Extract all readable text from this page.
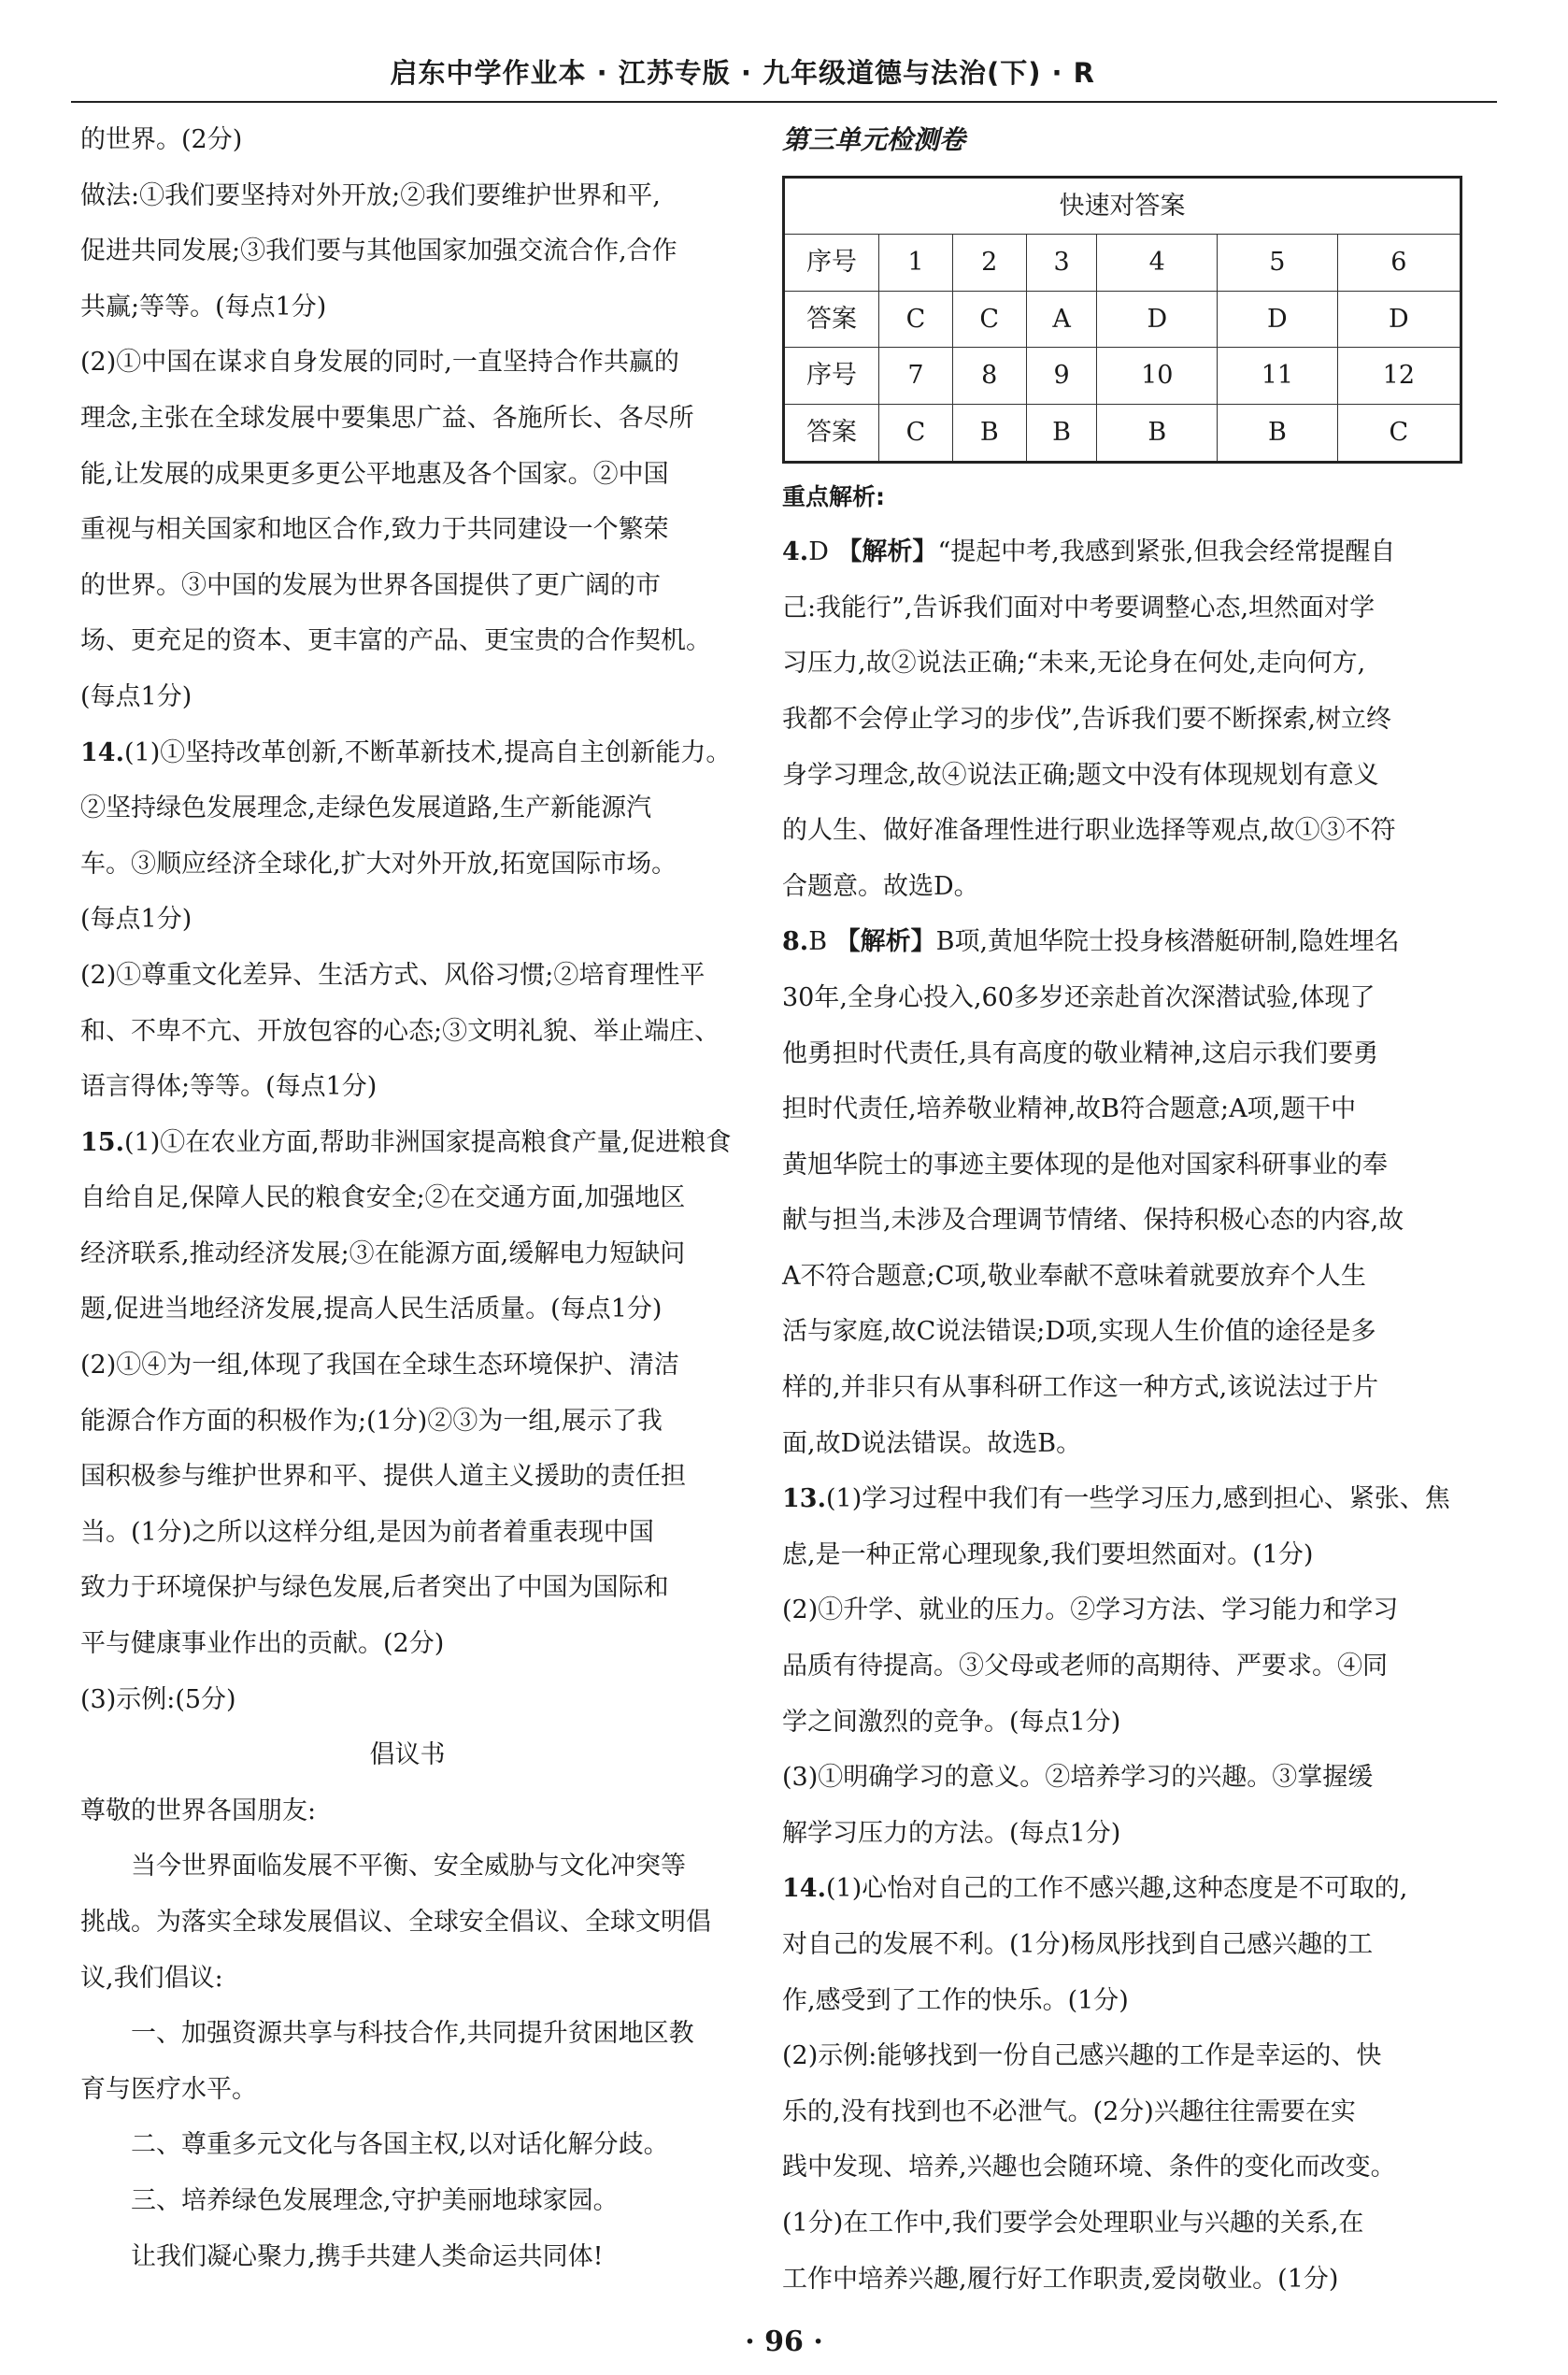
启东中学作业本 · 江苏专版 · 九年级道德与法治(下) · R

的世界。(2分)

做法:①我们要坚持对外开放;②我们要维护世界和平,

促进共同发展;③我们要与其他国家加强交流合作,合作

共赢;等等。(每点1分)

(2)①中国在谋求自身发展的同时,一直坚持合作共赢的

理念,主张在全球发展中要集思广益、各施所长、各尽所

能,让发展的成果更多更公平地惠及各个国家。②中国

重视与相关国家和地区合作,致力于共同建设一个繁荣

的世界。③中国的发展为世界各国提供了更广阔的市

场、更充足的资本、更丰富的产品、更宝贵的合作契机。

(每点1分)

14.(1)①坚持改革创新,不断革新技术,提高自主创新能力。

②坚持绿色发展理念,走绿色发展道路,生产新能源汽

车。③顺应经济全球化,扩大对外开放,拓宽国际市场。

(每点1分)

(2)①尊重文化差异、生活方式、风俗习惯;②培育理性平

和、不卑不亢、开放包容的心态;③文明礼貌、举止端庄、

语言得体;等等。(每点1分)

15.(1)①在农业方面,帮助非洲国家提高粮食产量,促进粮食

自给自足,保障人民的粮食安全;②在交通方面,加强地区

经济联系,推动经济发展;③在能源方面,缓解电力短缺问

题,促进当地经济发展,提高人民生活质量。(每点1分)

(2)①④为一组,体现了我国在全球生态环境保护、清洁

能源合作方面的积极作为;(1分)②③为一组,展示了我

国积极参与维护世界和平、提供人道主义援助的责任担

当。(1分)之所以这样分组,是因为前者着重表现中国

致力于环境保护与绿色发展,后者突出了中国为国际和

平与健康事业作出的贡献。(2分)

(3)示例:(5分)

倡议书

尊敬的世界各国朋友:

当今世界面临发展不平衡、安全威胁与文化冲突等

挑战。为落实全球发展倡议、全球安全倡议、全球文明倡

议,我们倡议:

一、加强资源共享与科技合作,共同提升贫困地区教

育与医疗水平。

二、尊重多元文化与各国主权,以对话化解分歧。

三、培养绿色发展理念,守护美丽地球家园。

让我们凝心聚力,携手共建人类命运共同体!

第三单元检测卷

快速对答案						
序号	1	2	3	4	5	6
答案	C	C	A	D	D	D
序号	7	8	9	10	11	12
答案	C	B	B	B	B	C

重点解析:

4.D 【解析】“提起中考,我感到紧张,但我会经常提醒自

己:我能行”,告诉我们面对中考要调整心态,坦然面对学

习压力,故②说法正确;“未来,无论身在何处,走向何方,

我都不会停止学习的步伐”,告诉我们要不断探索,树立终

身学习理念,故④说法正确;题文中没有体现规划有意义

的人生、做好准备理性进行职业选择等观点,故①③不符

合题意。故选D。

8.B 【解析】B项,黄旭华院士投身核潜艇研制,隐姓埋名

30年,全身心投入,60多岁还亲赴首次深潜试验,体现了

他勇担时代责任,具有高度的敬业精神,这启示我们要勇

担时代责任,培养敬业精神,故B符合题意;A项,题干中

黄旭华院士的事迹主要体现的是他对国家科研事业的奉

献与担当,未涉及合理调节情绪、保持积极心态的内容,故

A不符合题意;C项,敬业奉献不意味着就要放弃个人生

活与家庭,故C说法错误;D项,实现人生价值的途径是多

样的,并非只有从事科研工作这一种方式,该说法过于片

面,故D说法错误。故选B。

13.(1)学习过程中我们有一些学习压力,感到担心、紧张、焦

虑,是一种正常心理现象,我们要坦然面对。(1分)

(2)①升学、就业的压力。②学习方法、学习能力和学习

品质有待提高。③父母或老师的高期待、严要求。④同

学之间激烈的竞争。(每点1分)

(3)①明确学习的意义。②培养学习的兴趣。③掌握缓

解学习压力的方法。(每点1分)

14.(1)心怡对自己的工作不感兴趣,这种态度是不可取的,

对自己的发展不利。(1分)杨凤彤找到自己感兴趣的工

作,感受到了工作的快乐。(1分)

(2)示例:能够找到一份自己感兴趣的工作是幸运的、快

乐的,没有找到也不必泄气。(2分)兴趣往往需要在实

践中发现、培养,兴趣也会随环境、条件的变化而改变。

(1分)在工作中,我们要学会处理职业与兴趣的关系,在

工作中培养兴趣,履行好工作职责,爱岗敬业。(1分)

· 96 ·
